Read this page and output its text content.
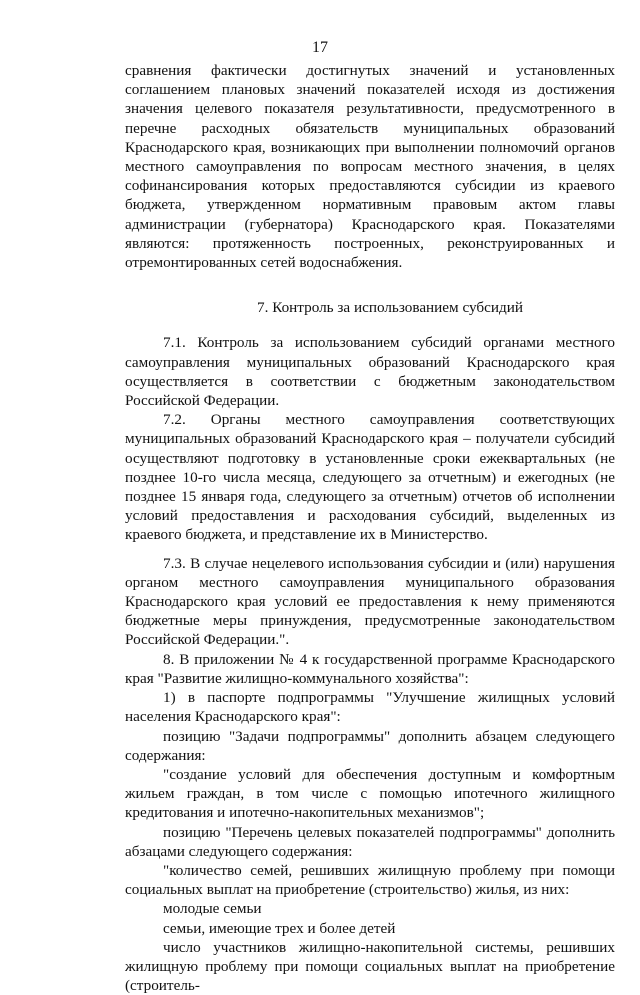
17

сравнения фактически достигнутых значений и установленных соглашением плановых значений показателей исходя из достижения значения целевого показателя результативности, предусмотренного в перечне расходных обязательств муниципальных образований Краснодарского края, возникающих при выполнении полномочий органов местного самоуправления по вопросам местного значения, в целях софинансирования которых предоставляются субсидии из краевого бюджета, утвержденном нормативным правовым актом главы администрации (губернатора) Краснодарского края. Показателями являются: протяженность построенных, реконструированных и отремонтированных сетей водоснабжения.

7. Контроль за использованием субсидий

7.1. Контроль за использованием субсидий органами местного самоуправления муниципальных образований Краснодарского края осуществляется в соответствии с бюджетным законодательством Российской Федерации.

7.2. Органы местного самоуправления соответствующих муниципальных образований Краснодарского края – получатели субсидий осуществляют подготовку в установленные сроки ежеквартальных (не позднее 10-го числа месяца, следующего за отчетным) и ежегодных (не позднее 15 января года, следующего за отчетным) отчетов об исполнении условий предоставления и расходования субсидий, выделенных из краевого бюджета, и представление их в Министерство.

7.3. В случае нецелевого использования субсидии и (или) нарушения органом местного самоуправления муниципального образования Краснодарского края условий ее предоставления к нему применяются бюджетные меры принуждения, предусмотренные законодательством Российской Федерации.".

8. В приложении № 4 к государственной программе Краснодарского края "Развитие жилищно-коммунального хозяйства":

1) в паспорте подпрограммы "Улучшение жилищных условий населения Краснодарского края":

позицию "Задачи подпрограммы" дополнить абзацем следующего содержания:

"создание условий для обеспечения доступным и комфортным жильем граждан, в том числе с помощью ипотечного жилищного кредитования и ипотечно-накопительных механизмов";

позицию "Перечень целевых показателей подпрограммы" дополнить абзацами следующего содержания:

"количество семей, решивших жилищную проблему при помощи социальных выплат на приобретение (строительство) жилья, из них:

молодые семьи

семьи, имеющие трех и более детей

число участников жилищно-накопительной системы, решивших жилищную проблему при помощи социальных выплат на приобретение (строитель-
